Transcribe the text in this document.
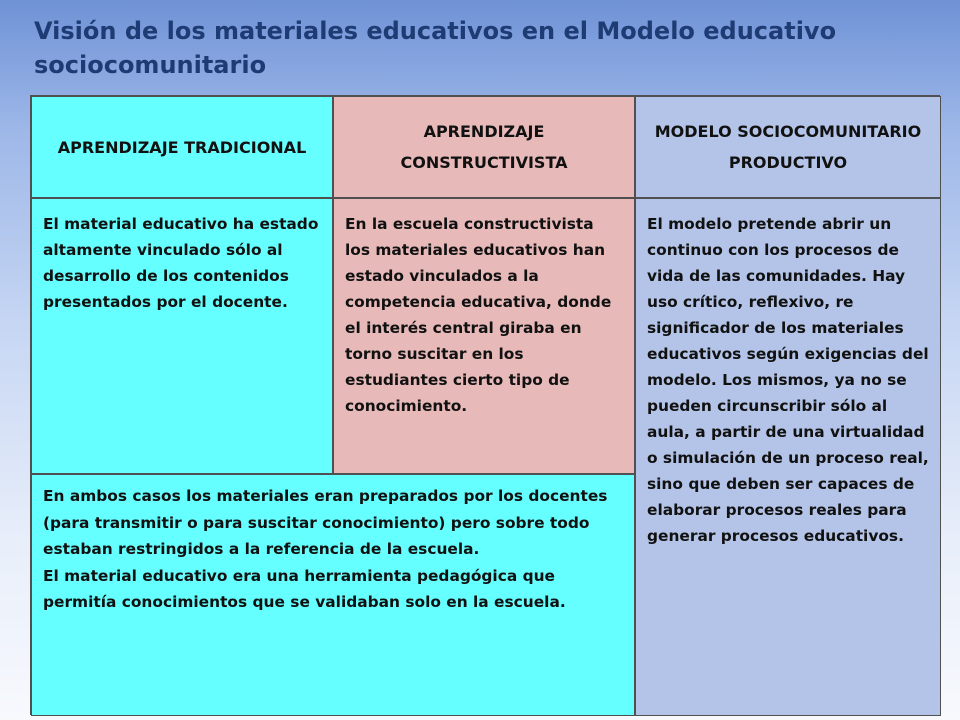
Visión de los materiales educativos en el Modelo educativo sociocomunitario
APRENDIZAJE TRADICIONAL
APRENDIZAJE CONSTRUCTIVISTA
MODELO SOCIOCOMUNITARIO PRODUCTIVO
El material educativo ha estado altamente vinculado sólo al desarrollo de los contenidos presentados por el docente.
En la escuela constructivista los materiales educativos han estado vinculados a la competencia educativa, donde el interés central giraba en torno suscitar en los estudiantes cierto tipo de conocimiento.
El modelo pretende abrir un continuo con los procesos de vida de las comunidades. Hay uso crítico, reflexivo, re significador de los materiales educativos según exigencias del modelo. Los mismos, ya no se pueden circunscribir sólo al aula, a partir de una virtualidad o simulación de un proceso real, sino que deben ser capaces de elaborar procesos reales para generar procesos educativos.
En ambos casos los materiales eran preparados por los docentes (para transmitir o para suscitar conocimiento) pero sobre todo estaban restringidos a la referencia de la escuela.
El material educativo era una herramienta pedagógica que permitía conocimientos que se validaban solo en la escuela.
